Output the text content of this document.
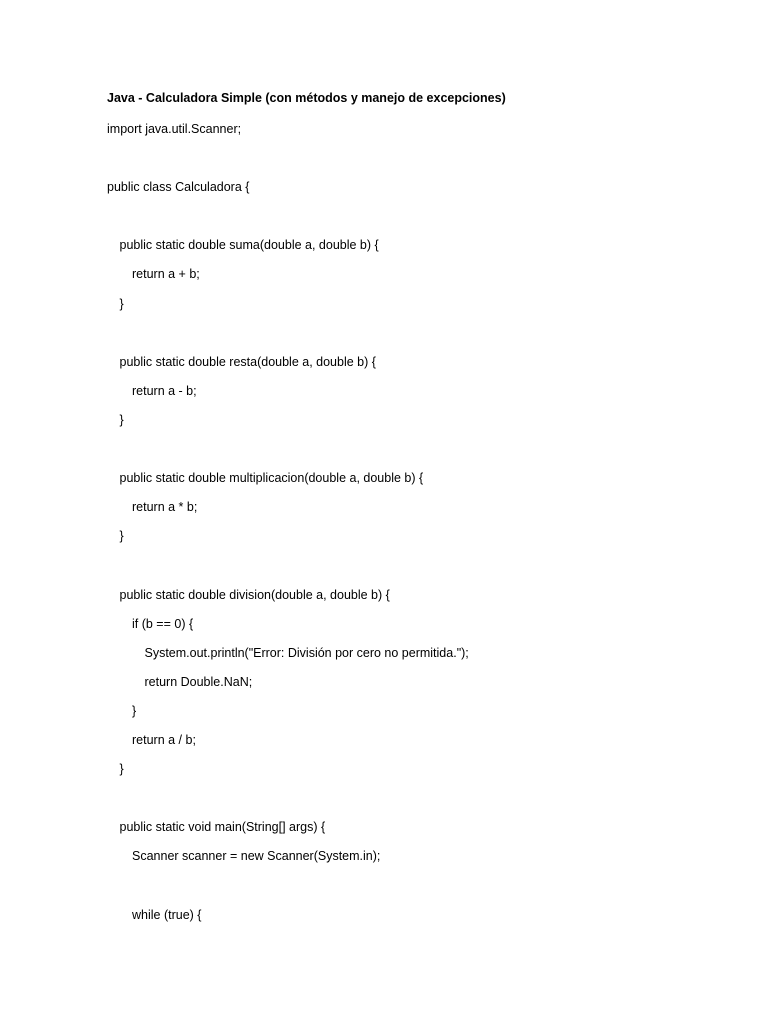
Java - Calculadora Simple (con métodos y manejo de excepciones)
import java.util.Scanner;
public class Calculadora {
public static double suma(double a, double b) {
return a + b;
}
public static double resta(double a, double b) {
return a - b;
}
public static double multiplicacion(double a, double b) {
return a * b;
}
public static double division(double a, double b) {
if (b == 0) {
System.out.println("Error: División por cero no permitida.");
return Double.NaN;
}
return a / b;
}
public static void main(String[] args) {
Scanner scanner = new Scanner(System.in);
while (true) {
